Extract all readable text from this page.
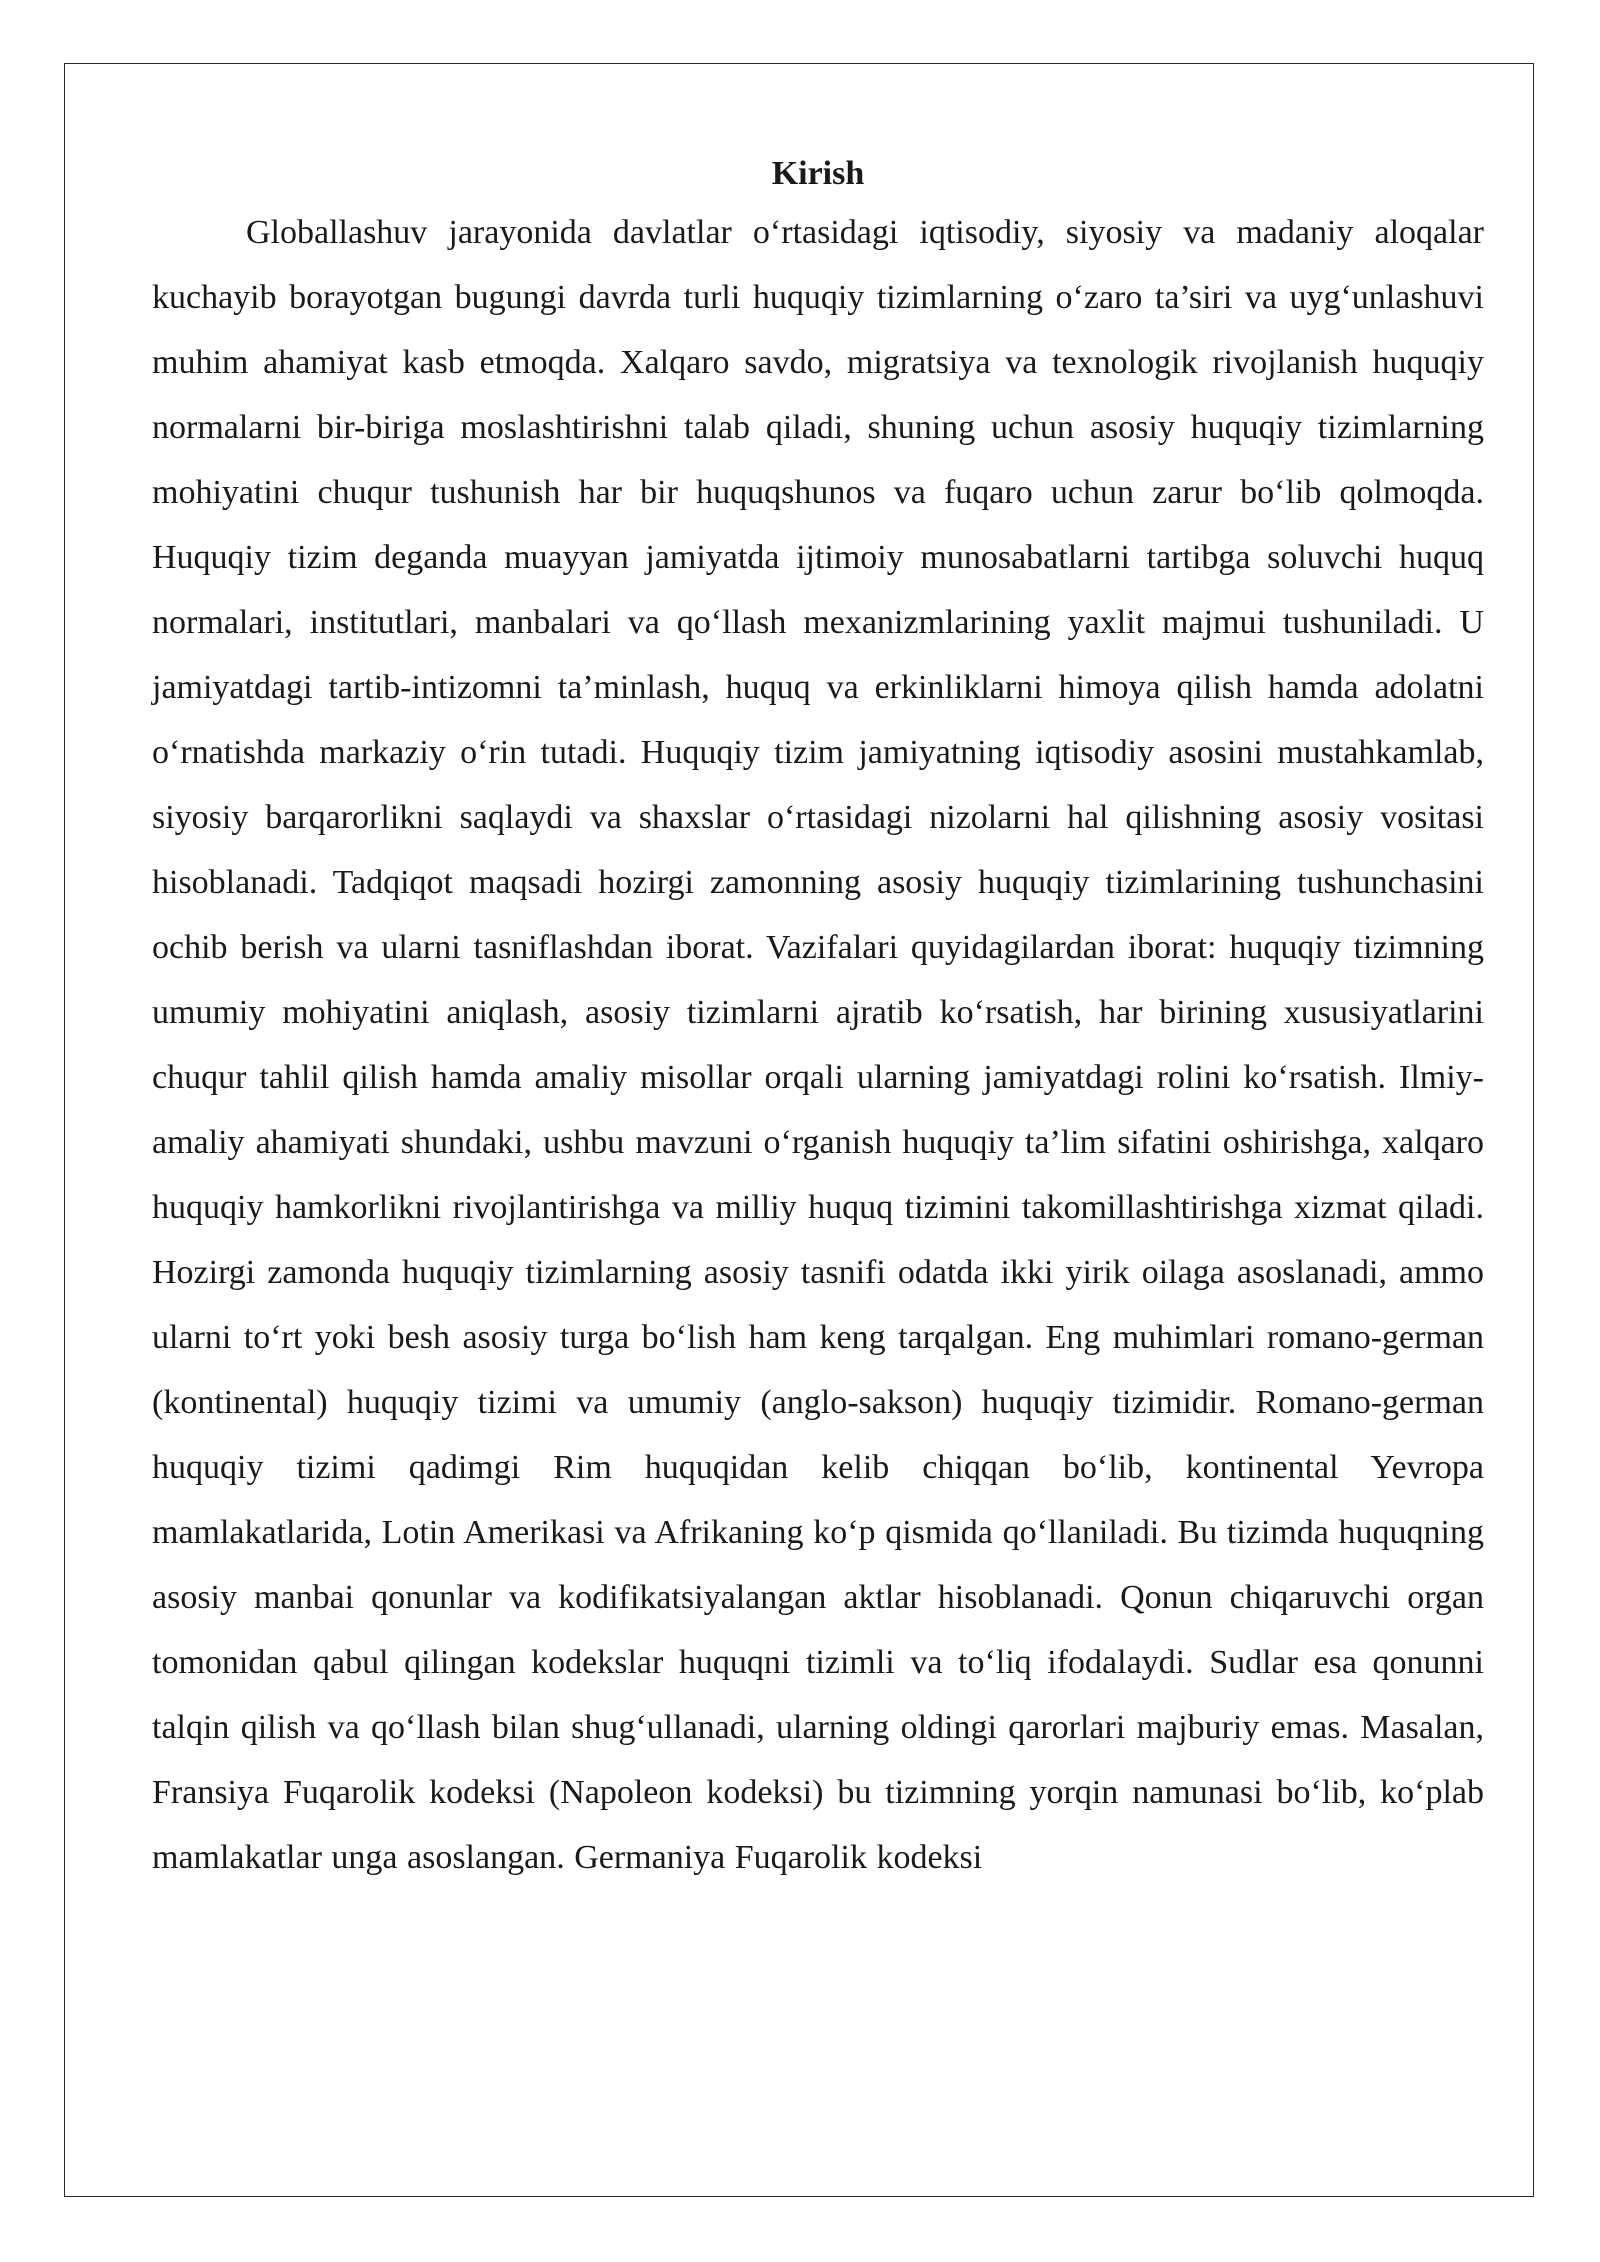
Kirish

Globallashuv jarayonida davlatlar o‘rtasidagi iqtisodiy, siyosiy va madaniy aloqalar kuchayib borayotgan bugungi davrda turli huquqiy tizimlarning o‘zaro ta’siri va uyg‘unlashuvi muhim ahamiyat kasb etmoqda. Xalqaro savdo, migratsiya va texnologik rivojlanish huquqiy normalarni bir-biriga moslashtirishni talab qiladi, shuning uchun asosiy huquqiy tizimlarning mohiyatini chuqur tushunish har bir huquqshunos va fuqaro uchun zarur bo‘lib qolmoqda. Huquqiy tizim deganda muayyan jamiyatda ijtimoiy munosabatlarni tartibga soluvchi huquq normalari, institutlari, manbalari va qo‘llash mexanizmlarining yaxlit majmui tushuniladi. U jamiyatdagi tartib-intizomni ta’minlash, huquq va erkinliklarni himoya qilish hamda adolatni o‘rnatishda markaziy o‘rin tutadi. Huquqiy tizim jamiyatning iqtisodiy asosini mustahkamlab, siyosiy barqarorlikni saqlaydi va shaxslar o‘rtasidagi nizolarni hal qilishning asosiy vositasi hisoblanadi. Tadqiqot maqsadi hozirgi zamonning asosiy huquqiy tizimlarining tushunchasini ochib berish va ularni tasniflashdan iborat. Vazifalari quyidagilardan iborat: huquqiy tizimning umumiy mohiyatini aniqlash, asosiy tizimlarni ajratib ko‘rsatish, har birining xususiyatlarini chuqur tahlil qilish hamda amaliy misollar orqali ularning jamiyatdagi rolini ko‘rsatish. Ilmiy-amaliy ahamiyati shundaki, ushbu mavzuni o‘rganish huquqiy ta’lim sifatini oshirishga, xalqaro huquqiy hamkorlikni rivojlantirishga va milliy huquq tizimini takomillashtirishga xizmat qiladi. Hozirgi zamonda huquqiy tizimlarning asosiy tasnifi odatda ikki yirik oilaga asoslanadi, ammo ularni to‘rt yoki besh asosiy turga bo‘lish ham keng tarqalgan. Eng muhimlari romano-german (kontinental) huquqiy tizimi va umumiy (anglo-sakson) huquqiy tizimidir. Romano-german huquqiy tizimi qadimgi Rim huquqidan kelib chiqqan bo‘lib, kontinental Yevropa mamlakatlarida, Lotin Amerikasi va Afrikaning ko‘p qismida qo‘llaniladi. Bu tizimda huquqning asosiy manbai qonunlar va kodifikatsiyalangan aktlar hisoblanadi. Qonun chiqaruvchi organ tomonidan qabul qilingan kodekslar huquqni tizimli va to‘liq ifodalaydi. Sudlar esa qonunni talqin qilish va qo‘llash bilan shug‘ullanadi, ularning oldingi qarorlari majburiy emas. Masalan, Fransiya Fuqarolik kodeksi (Napoleon kodeksi) bu tizimning yorqin namunasi bo‘lib, ko‘plab mamlakatlar unga asoslangan. Germaniya Fuqarolik kodeksi
